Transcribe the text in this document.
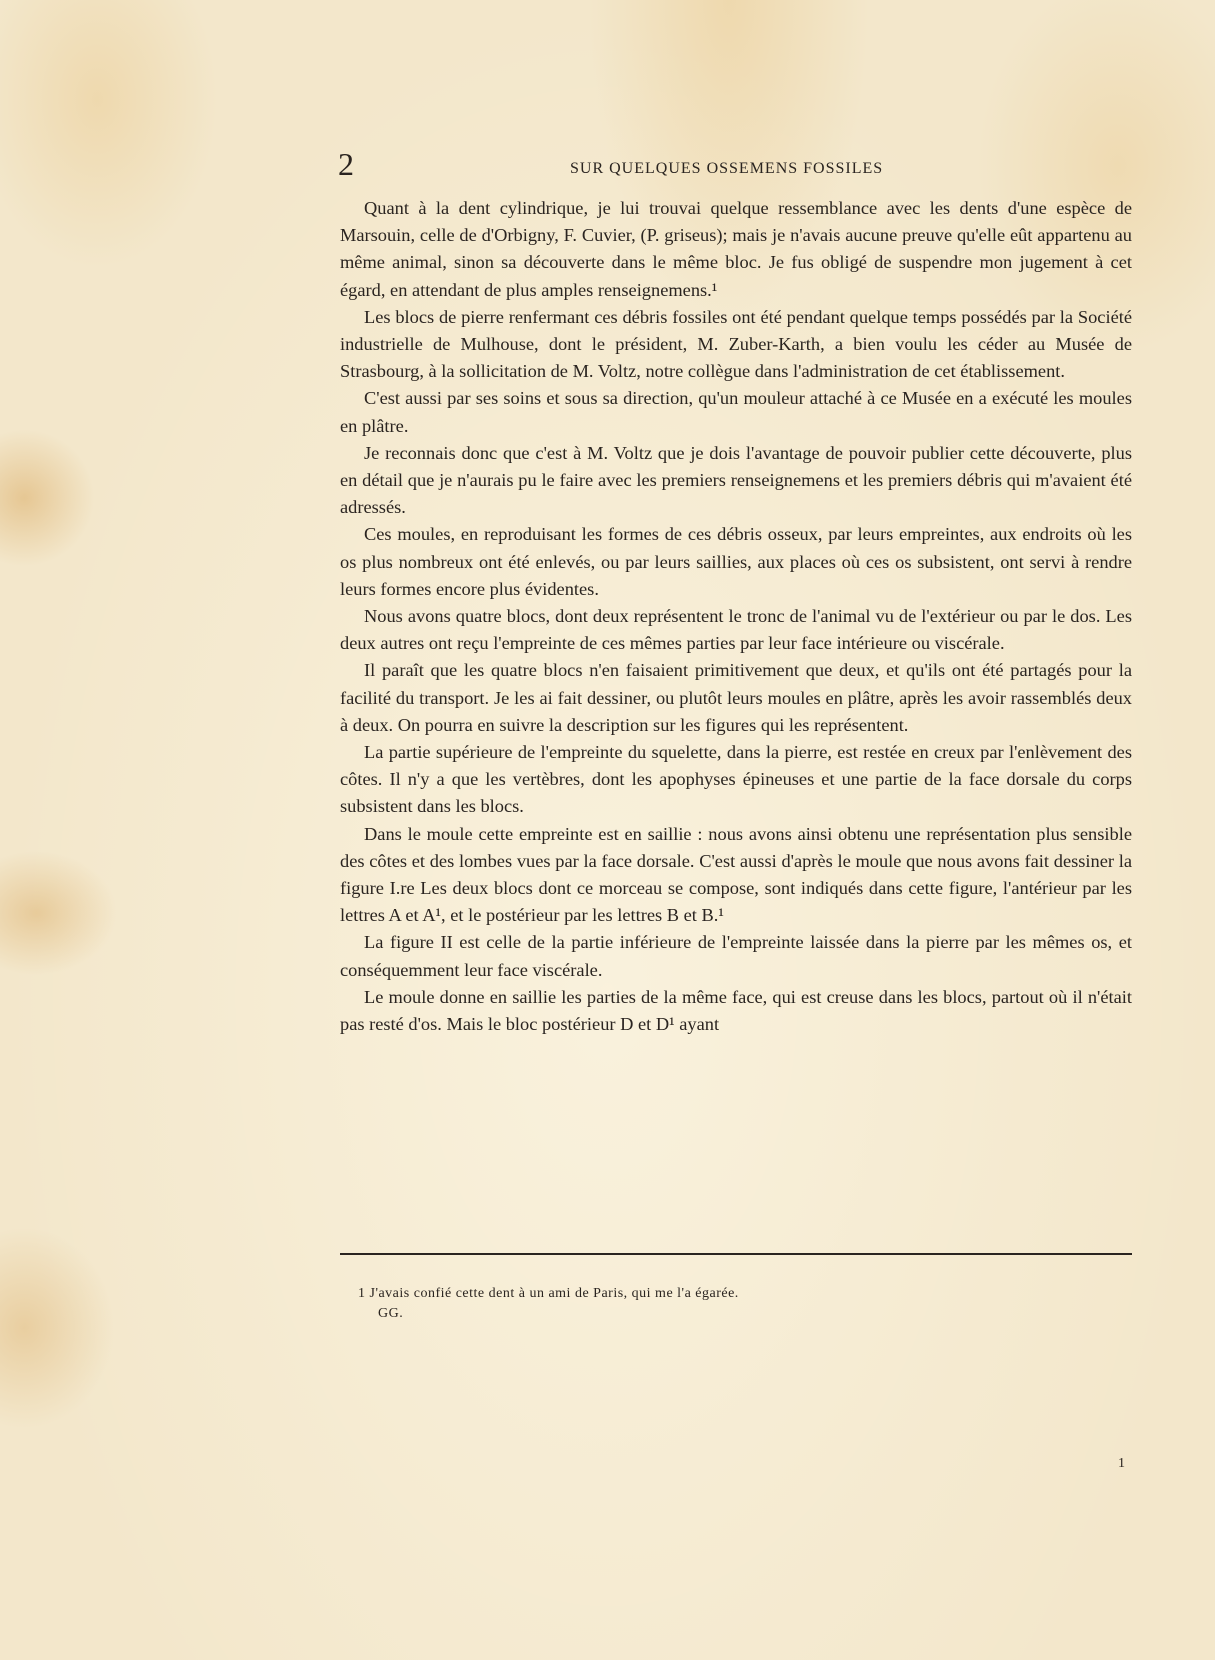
2	SUR QUELQUES OSSEMENS FOSSILES

Quant à la dent cylindrique, je lui trouvai quelque ressemblance avec les dents d'une espèce de Marsouin, celle de d'Orbigny, F. Cuvier, (P. griseus); mais je n'avais aucune preuve qu'elle eût appartenu au même animal, sinon sa découverte dans le même bloc. Je fus obligé de suspendre mon jugement à cet égard, en attendant de plus amples renseignemens.¹

Les blocs de pierre renfermant ces débris fossiles ont été pendant quelque temps possédés par la Société industrielle de Mulhouse, dont le président, M. Zuber-Karth, a bien voulu les céder au Musée de Strasbourg, à la sollicitation de M. Voltz, notre collègue dans l'administration de cet établissement.

C'est aussi par ses soins et sous sa direction, qu'un mouleur attaché à ce Musée en a exécuté les moules en plâtre.

Je reconnais donc que c'est à M. Voltz que je dois l'avantage de pouvoir publier cette découverte, plus en détail que je n'aurais pu le faire avec les premiers renseignemens et les premiers débris qui m'avaient été adressés.

Ces moules, en reproduisant les formes de ces débris osseux, par leurs empreintes, aux endroits où les os plus nombreux ont été enlevés, ou par leurs saillies, aux places où ces os subsistent, ont servi à rendre leurs formes encore plus évidentes.

Nous avons quatre blocs, dont deux représentent le tronc de l'animal vu de l'extérieur ou par le dos. Les deux autres ont reçu l'empreinte de ces mêmes parties par leur face intérieure ou viscérale.

Il paraît que les quatre blocs n'en faisaient primitivement que deux, et qu'ils ont été partagés pour la facilité du transport. Je les ai fait dessiner, ou plutôt leurs moules en plâtre, après les avoir rassemblés deux à deux. On pourra en suivre la description sur les figures qui les représentent.

La partie supérieure de l'empreinte du squelette, dans la pierre, est restée en creux par l'enlèvement des côtes. Il n'y a que les vertèbres, dont les apophyses épineuses et une partie de la face dorsale du corps subsistent dans les blocs.

Dans le moule cette empreinte est en saillie : nous avons ainsi obtenu une représentation plus sensible des côtes et des lombes vues par la face dorsale. C'est aussi d'après le moule que nous avons fait dessiner la figure I.re Les deux blocs dont ce morceau se compose, sont indiqués dans cette figure, l'antérieur par les lettres A et A¹, et le postérieur par les lettres B et B.¹

La figure II est celle de la partie inférieure de l'empreinte laissée dans la pierre par les mêmes os, et conséquemment leur face viscérale.

Le moule donne en saillie les parties de la même face, qui est creuse dans les blocs, partout où il n'était pas resté d'os. Mais le bloc postérieur D et D¹ ayant

1 J'avais confié cette dent à un ami de Paris, qui me l'a égarée.
GG.
1
